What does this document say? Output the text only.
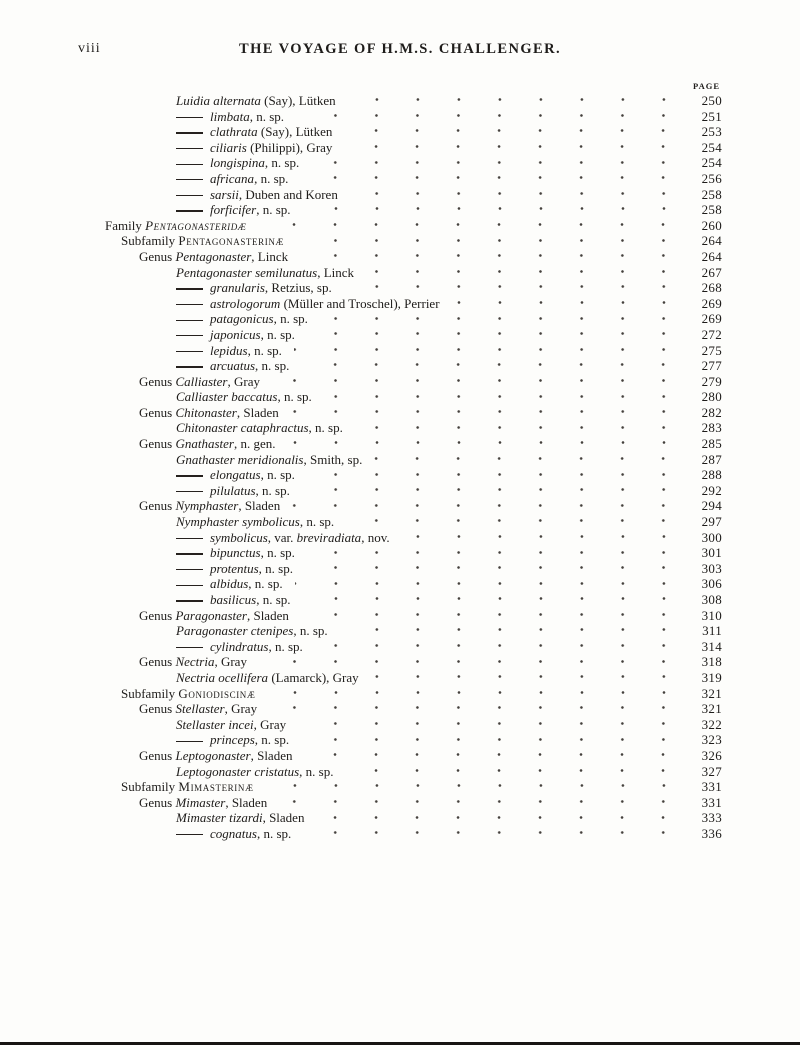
viii	THE VOYAGE OF H.M.S. CHALLENGER.
PAGE
Luidia alternata (Say), Lütken	250
limbata, n. sp.	251
clathrata (Say), Lütken	253
ciliaris (Philippi), Gray	254
longispina, n. sp.	254
africana, n. sp.	256
sarsii, Duben and Koren	258
forficifer, n. sp.	258
Family Pentagonasteridæ	260
Subfamily Pentagonasterinæ	264
Genus Pentagonaster, Linck	264
Pentagonaster semilunatus, Linck	267
granularis, Retzius, sp.	268
astrologorum (Müller and Troschel), Perrier	269
patagonicus, n. sp.	269
japonicus, n. sp.	272
lepidus, n. sp.	275
arcuatus, n. sp.	277
Genus Calliaster, Gray	279
Calliaster baccatus, n. sp.	280
Genus Chitonaster, Sladen	282
Chitonaster cataphractus, n. sp.	283
Genus Gnathaster, n. gen.	285
Gnathaster meridionalis, Smith, sp.	287
elongatus, n. sp.	288
pilulatus, n. sp.	292
Genus Nymphaster, Sladen	294
Nymphaster symbolicus, n. sp.	297
symbolicus, var. breviradiata, nov.	300
bipunctus, n. sp.	301
protentus, n. sp.	303
albidus, n. sp.	306
basilicus, n. sp.	308
Genus Paragonaster, Sladen	310
Paragonaster ctenipes, n. sp.	311
cylindratus, n. sp.	314
Genus Nectria, Gray	318
Nectria ocellifera (Lamarck), Gray	319
Subfamily Goniodiscinæ	321
Genus Stellaster, Gray	321
Stellaster incei, Gray	322
princeps, n. sp.	323
Genus Leptogonaster, Sladen	326
Leptogonaster cristatus, n. sp.	327
Subfamily Mimasterinæ	331
Genus Mimaster, Sladen	331
Mimaster tizardi, Sladen	333
cognatus, n. sp.	336
